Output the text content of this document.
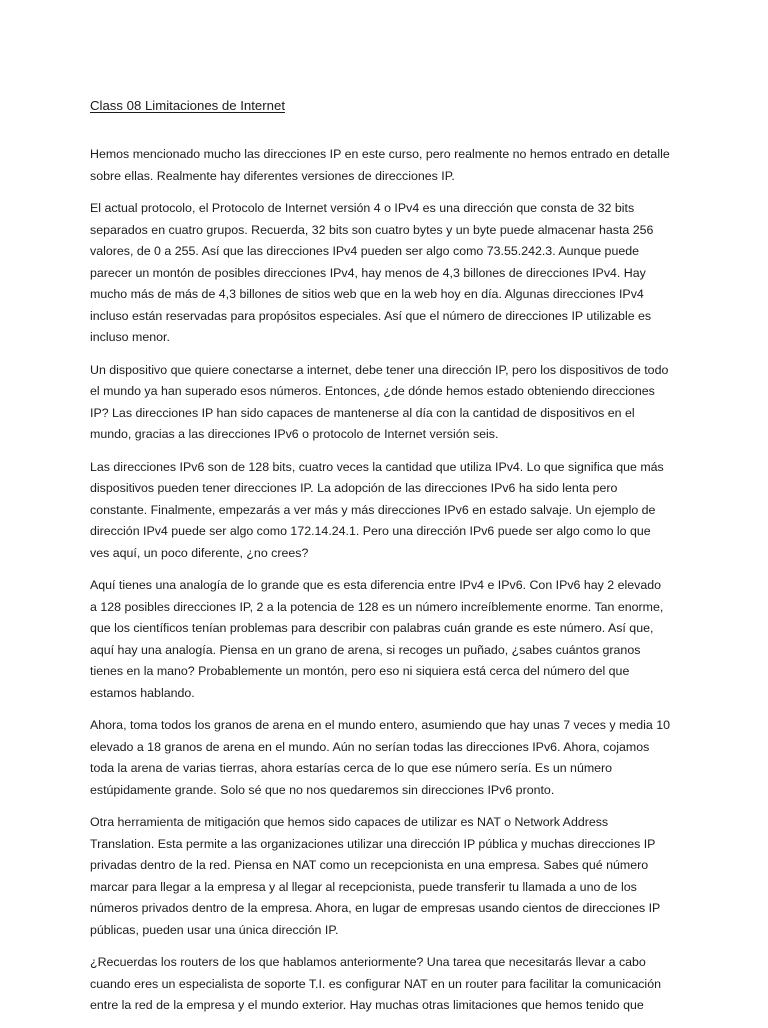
Class 08 Limitaciones de Internet

Hemos mencionado mucho las direcciones IP en este curso, pero realmente no hemos entrado en detalle sobre ellas. Realmente hay diferentes versiones de direcciones IP.

El actual protocolo, el Protocolo de Internet versión 4 o IPv4 es una dirección que consta de 32 bits separados en cuatro grupos. Recuerda, 32 bits son cuatro bytes y un byte puede almacenar hasta 256 valores, de 0 a 255. Así que las direcciones IPv4 pueden ser algo como 73.55.242.3. Aunque puede parecer un montón de posibles direcciones IPv4, hay menos de 4,3 billones de direcciones IPv4. Hay mucho más de más de 4,3 billones de sitios web que en la web hoy en día. Algunas direcciones IPv4 incluso están reservadas para propósitos especiales. Así que el número de direcciones IP utilizable es incluso menor.

Un dispositivo que quiere conectarse a internet, debe tener una dirección IP, pero los dispositivos de todo el mundo ya han superado esos números. Entonces, ¿de dónde hemos estado obteniendo direcciones IP? Las direcciones IP han sido capaces de mantenerse al día con la cantidad de dispositivos en el mundo, gracias a las direcciones IPv6 o protocolo de Internet versión seis.

Las direcciones IPv6 son de 128 bits, cuatro veces la cantidad que utiliza IPv4. Lo que significa que más dispositivos pueden tener direcciones IP. La adopción de las direcciones IPv6 ha sido lenta pero constante. Finalmente, empezarás a ver más y más direcciones IPv6 en estado salvaje. Un ejemplo de dirección IPv4 puede ser algo como 172.14.24.1. Pero una dirección IPv6 puede ser algo como lo que ves aquí, un poco diferente, ¿no crees?

Aquí tienes una analogía de lo grande que es esta diferencia entre IPv4 e IPv6. Con IPv6 hay 2 elevado a 128 posibles direcciones IP, 2 a la potencia de 128 es un número increíblemente enorme. Tan enorme, que los científicos tenían problemas para describir con palabras cuán grande es este número. Así que, aquí hay una analogía. Piensa en un grano de arena, si recoges un puñado, ¿sabes cuántos granos tienes en la mano? Probablemente un montón, pero eso ni siquiera está cerca del número del que estamos hablando.

Ahora, toma todos los granos de arena en el mundo entero, asumiendo que hay unas 7 veces y media 10 elevado a 18 granos de arena en el mundo. Aún no serían todas las direcciones IPv6. Ahora, cojamos toda la arena de varias tierras, ahora estarías cerca de lo que ese número sería. Es un número estúpidamente grande. Solo sé que no nos quedaremos sin direcciones IPv6 pronto.

Otra herramienta de mitigación que hemos sido capaces de utilizar es NAT o Network Address Translation. Esta permite a las organizaciones utilizar una dirección IP pública y muchas direcciones IP privadas dentro de la red. Piensa en NAT como un recepcionista en una empresa. Sabes qué número marcar para llegar a la empresa y al llegar al recepcionista, puede transferir tu llamada a uno de los números privados dentro de la empresa. Ahora, en lugar de empresas usando cientos de direcciones IP públicas, pueden usar una única dirección IP.

¿Recuerdas los routers de los que hablamos anteriormente? Una tarea que necesitarás llevar a cabo cuando eres un especialista de soporte T.I. es configurar NAT en un router para facilitar la comunicación entre la red de la empresa y el mundo exterior. Hay muchas otras limitaciones que hemos tenido que
